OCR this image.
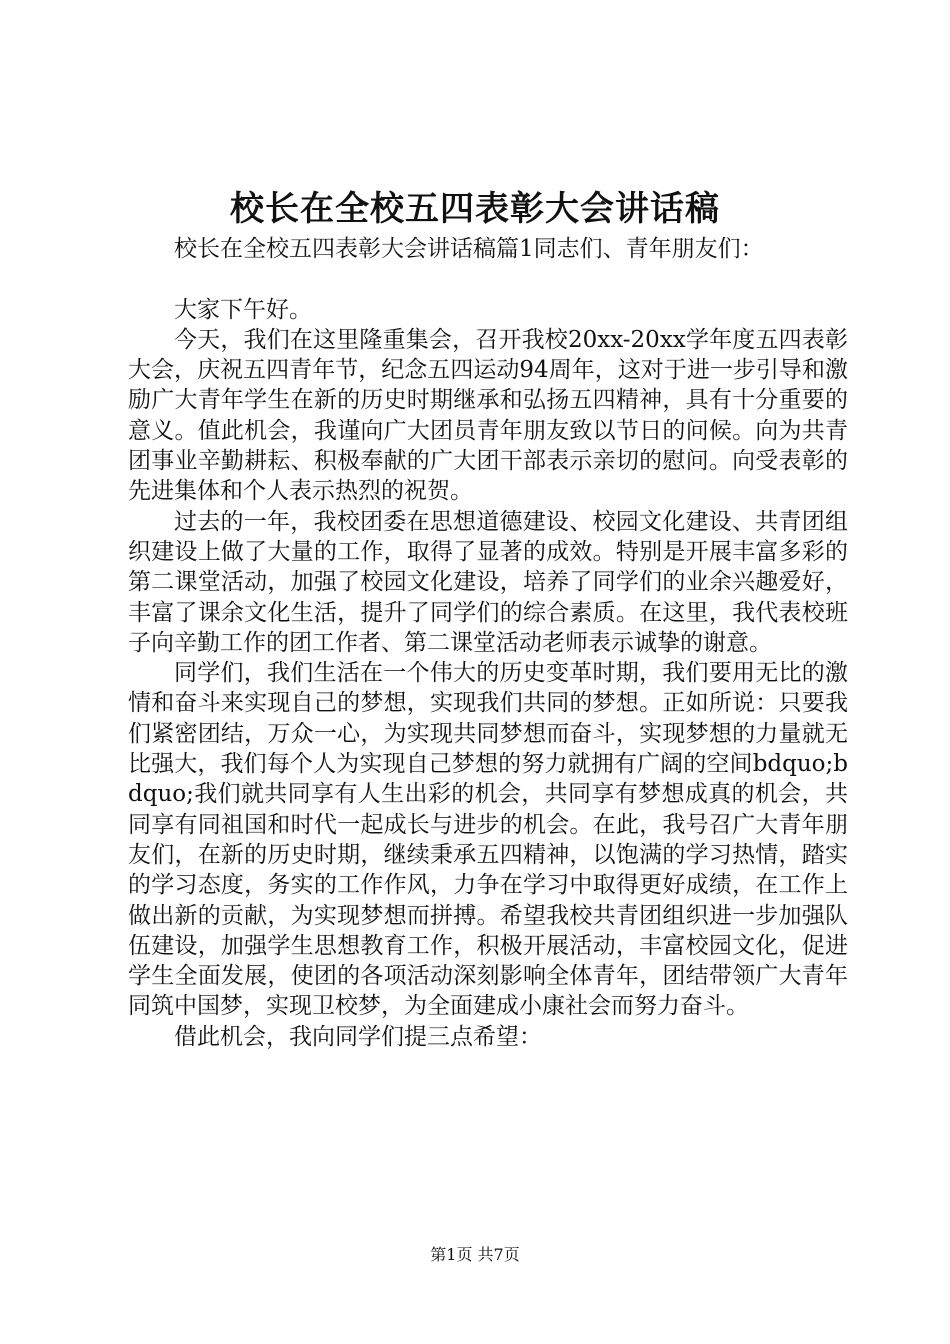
校长在全校五四表彰大会讲话稿

校长在全校五四表彰大会讲话稿篇1同志们、青年朋友们：

大家下午好。

今天，我们在这里隆重集会，召开我校20xx-20xx学年度五四表彰大会，庆祝五四青年节，纪念五四运动94周年，这对于进一步引导和激励广大青年学生在新的历史时期继承和弘扬五四精神，具有十分重要的意义。值此机会，我谨向广大团员青年朋友致以节日的问候。向为共青团事业辛勤耕耘、积极奉献的广大团干部表示亲切的慰问。向受表彰的先进集体和个人表示热烈的祝贺。

过去的一年，我校团委在思想道德建设、校园文化建设、共青团组织建设上做了大量的工作，取得了显著的成效。特别是开展丰富多彩的第二课堂活动，加强了校园文化建设，培养了同学们的业余兴趣爱好，丰富了课余文化生活，提升了同学们的综合素质。在这里，我代表校班子向辛勤工作的团工作者、第二课堂活动老师表示诚挚的谢意。

同学们，我们生活在一个伟大的历史变革时期，我们要用无比的激情和奋斗来实现自己的梦想，实现我们共同的梦想。正如所说：只要我们紧密团结，万众一心，为实现共同梦想而奋斗，实现梦想的力量就无比强大，我们每个人为实现自己梦想的努力就拥有广阔的空间bdquo;bdquo;我们就共同享有人生出彩的机会，共同享有梦想成真的机会，共同享有同祖国和时代一起成长与进步的机会。在此，我号召广大青年朋友们，在新的历史时期，继续秉承五四精神，以饱满的学习热情，踏实的学习态度，务实的工作作风，力争在学习中取得更好成绩，在工作上做出新的贡献，为实现梦想而拼搏。希望我校共青团组织进一步加强队伍建设，加强学生思想教育工作，积极开展活动，丰富校园文化，促进学生全面发展，使团的各项活动深刻影响全体青年，团结带领广大青年同筑中国梦，实现卫校梦，为全面建成小康社会而努力奋斗。

借此机会，我向同学们提三点希望：

第1页 共7页
